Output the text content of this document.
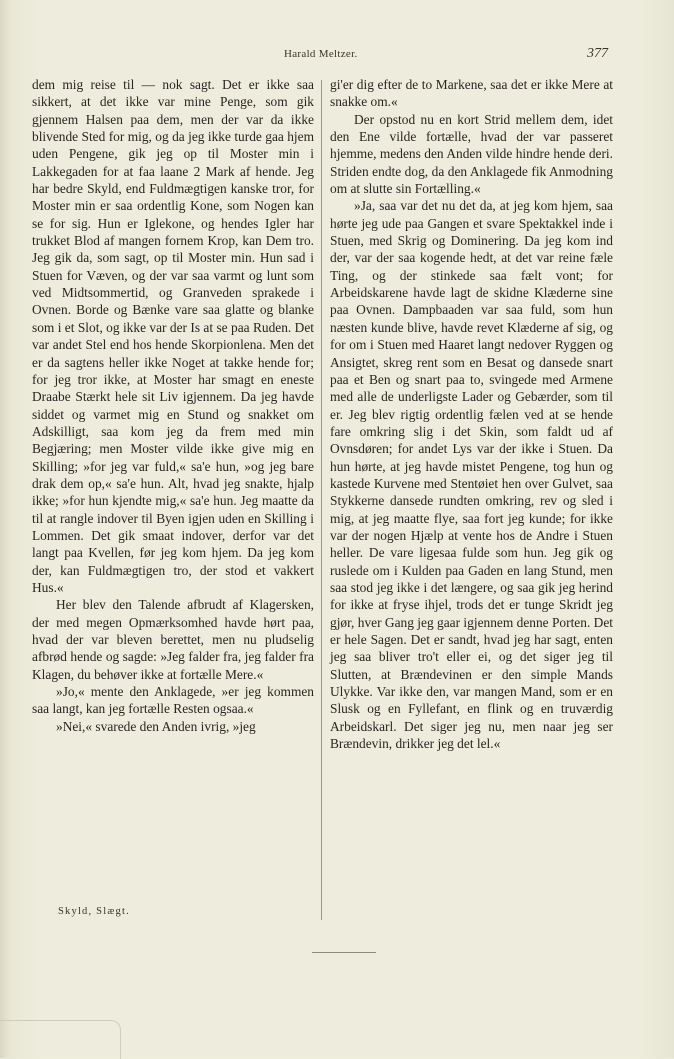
Harald Meltzer.	377

dem mig reise til — nok sagt. Det er ikke saa sikkert, at det ikke var mine Penge, som gik gjennem Halsen paa dem, men der var da ikke blivende Sted for mig, og da jeg ikke turde gaa hjem uden Pengene, gik jeg op til Moster min i Lakkegaden for at faa laane 2 Mark af hende. Jeg har bedre Skyld, end Fuldmægtigen kanske tror, for Moster min er saa ordentlig Kone, som Nogen kan se for sig. Hun er Iglekone, og hendes Igler har trukket Blod af mangen fornem Krop, kan Dem tro. Jeg gik da, som sagt, op til Moster min. Hun sad i Stuen for Væven, og der var saa varmt og lunt som ved Midtsommertid, og Granveden sprakede i Ovnen. Borde og Bænke vare saa glatte og blanke som i et Slot, og ikke var der Is at se paa Ruden. Det var andet Stel end hos hende Skorpionlena. Men det er da sagtens heller ikke Noget at takke hende for; for jeg tror ikke, at Moster har smagt en eneste Draabe Stærkt hele sit Liv igjennem. Da jeg havde siddet og varmet mig en Stund og snakket om Adskilligt, saa kom jeg da frem med min Begjæring; men Moster vilde ikke give mig en Skilling; »for jeg var fuld,« sa'e hun, »og jeg bare drak dem op,« sa'e hun. Alt, hvad jeg snakte, hjalp ikke; »for hun kjendte mig,« sa'e hun. Jeg maatte da til at rangle indover til Byen igjen uden en Skilling i Lommen. Det gik smaat indover, derfor var det langt paa Kvellen, før jeg kom hjem. Da jeg kom der, kan Fuldmægtigen tro, der stod et vakkert Hus.«

Her blev den Talende afbrudt af Klagersken, der med megen Opmærksomhed havde hørt paa, hvad der var bleven berettet, men nu pludselig afbrød hende og sagde: »Jeg falder fra, jeg falder fra Klagen, du behøver ikke at fortælle Mere.«

»Jo,« mente den Anklagede, »er jeg kommen saa langt, kan jeg fortælle Resten ogsaa.«

»Nei,« svarede den Anden ivrig, »jeg

gi'er dig efter de to Markene, saa det er ikke Mere at snakke om.«

Der opstod nu en kort Strid mellem dem, idet den Ene vilde fortælle, hvad der var passeret hjemme, medens den Anden vilde hindre hende deri. Striden endte dog, da den Anklagede fik Anmodning om at slutte sin Fortælling.«

»Ja, saa var det nu det da, at jeg kom hjem, saa hørte jeg ude paa Gangen et svare Spektakkel inde i Stuen, med Skrig og Dominering. Da jeg kom ind der, var der saa kogende hedt, at det var reine fæle Ting, og der stinkede saa fælt vont; for Arbeidskarene havde lagt de skidne Klæderne sine paa Ovnen. Dampbaaden var saa fuld, som hun næsten kunde blive, havde revet Klæderne af sig, og for om i Stuen med Haaret langt nedover Ryggen og Ansigtet, skreg rent som en Besat og dansede snart paa et Ben og snart paa to, svingede med Armene med alle de underligste Lader og Gebærder, som til er. Jeg blev rigtig ordentlig fælen ved at se hende fare omkring slig i det Skin, som faldt ud af Ovnsdøren; for andet Lys var der ikke i Stuen. Da hun hørte, at jeg havde mistet Pengene, tog hun og kastede Kurvene med Stentøiet hen over Gulvet, saa Stykkerne dansede rundten omkring, rev og sled i mig, at jeg maatte flye, saa fort jeg kunde; for ikke var der nogen Hjælp at vente hos de Andre i Stuen heller. De vare ligesaa fulde som hun. Jeg gik og ruslede om i Kulden paa Gaden en lang Stund, men saa stod jeg ikke i det længere, og saa gik jeg herind for ikke at fryse ihjel, trods det er tunge Skridt jeg gjør, hver Gang jeg gaar igjennem denne Porten. Det er hele Sagen. Det er sandt, hvad jeg har sagt, enten jeg saa bliver tro't eller ei, og det siger jeg til Slutten, at Brændevinen er den simple Mands Ulykke. Var ikke den, var mangen Mand, som er en Slusk og en Fyllefant, en flink og en truværdig Arbeidskarl. Det siger jeg nu, men naar jeg ser Brændevin, drikker jeg det lel.«

Skyld, Slægt.
